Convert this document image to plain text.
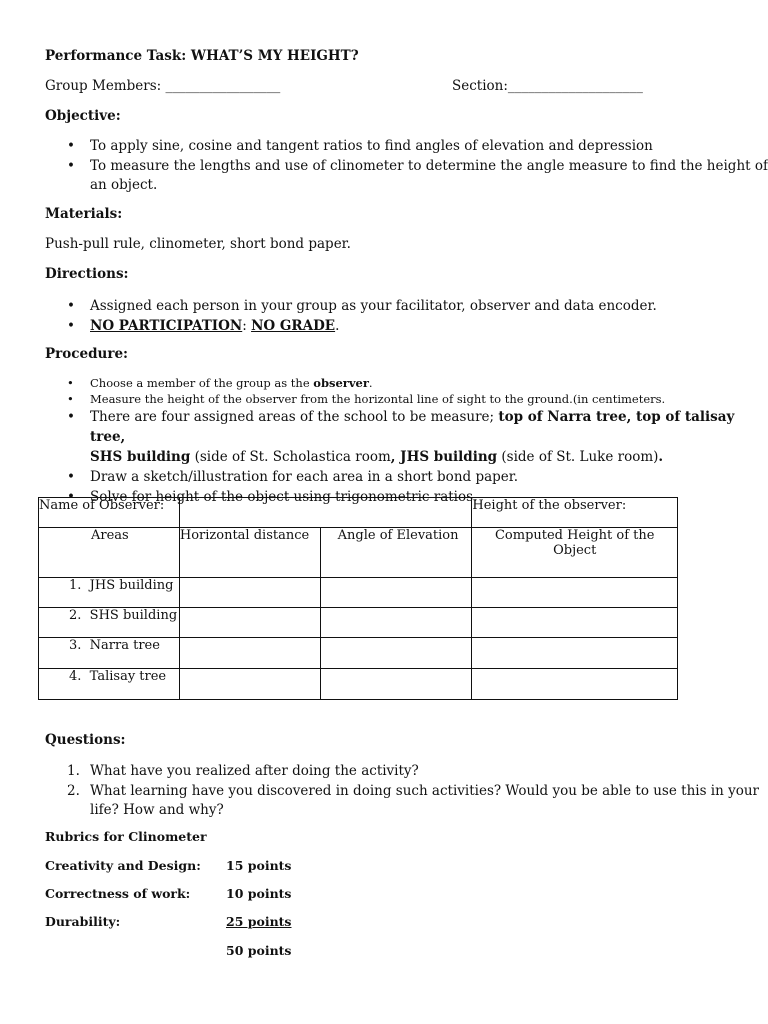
Performance Task: WHAT’S MY HEIGHT?
Group Members: _________________	Section:____________________
Objective:
• To apply sine, cosine and tangent ratios to find angles of elevation and depression
• To measure the lengths and use of clinometer to determine the angle measure to find the height of
an object.
Materials:
Push-pull rule, clinometer, short bond paper.
Directions:
• Assigned each person in your group as your facilitator, observer and data encoder.
• NO PARTICIPATION: NO GRADE.
Procedure:
• Choose a member of the group as the observer.
• Measure the height of the observer from the horizontal line of sight to the ground.(in centimeters.
• There are four assigned areas of the school to be measure; top of Narra tree, top of talisay tree,
SHS building (side of St. Scholastica room, JHS building (side of St. Luke room).
• Draw a sketch/illustration for each area in a short bond paper.
• Solve for height of the object using trigonometric ratios.
Name of Observer:			Height of the observer:
Areas	Horizontal distance	Angle of Elevation	Computed Height of the
Object
1. JHS building			
2. SHS building			
3. Narra tree			
4. Talisay tree			
Questions:
1. What have you realized after doing the activity?
2. What learning have you discovered in doing such activities? Would you be able to use this in your
life? How and why?
Rubrics for Clinometer
Creativity and Design: 15 points
Correctness of work:	10 points
Durability:	25 points
50 points
